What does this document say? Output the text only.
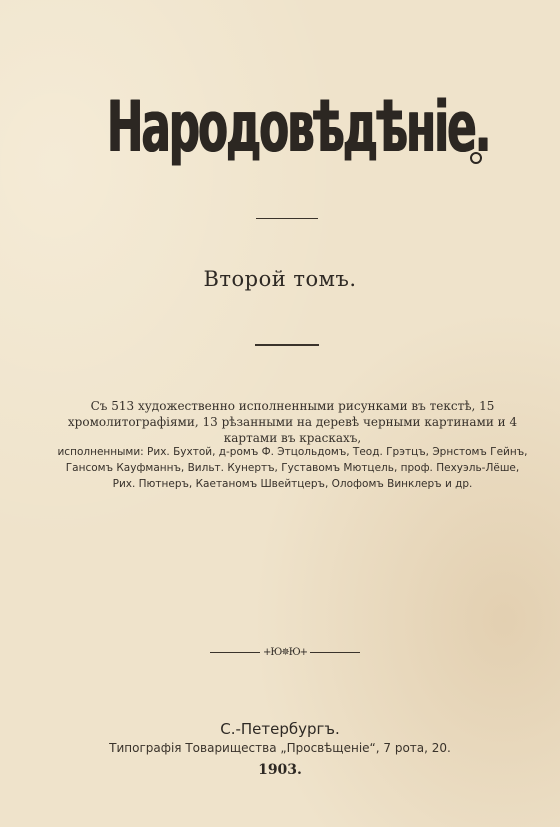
Народовѣдѣніе.
Второй томъ.
Съ 513 художественно исполненными рисунками въ текстѣ, 15 хромолитографіями, 13 рѣзанными на деревѣ черными картинами и 4 картами въ краскахъ,
исполненными: Рих. Бухтой, д-ромъ Ф. Этцольдомъ, Теод. Грэтцъ, Эрнстомъ Гейнъ, Гансомъ Кауфманнъ, Вильт. Кунертъ, Густавомъ Мютцель, проф. Пехуэль-Лёше, Рих. Пютнеръ, Каетаномъ Швейтцеръ, Олофомъ Винклеръ и др.
+Ю✵Ю+
С.-Петербургъ.
Типографія Товарищества „Просвѣщеніе“, 7 рота, 20.
1903.
